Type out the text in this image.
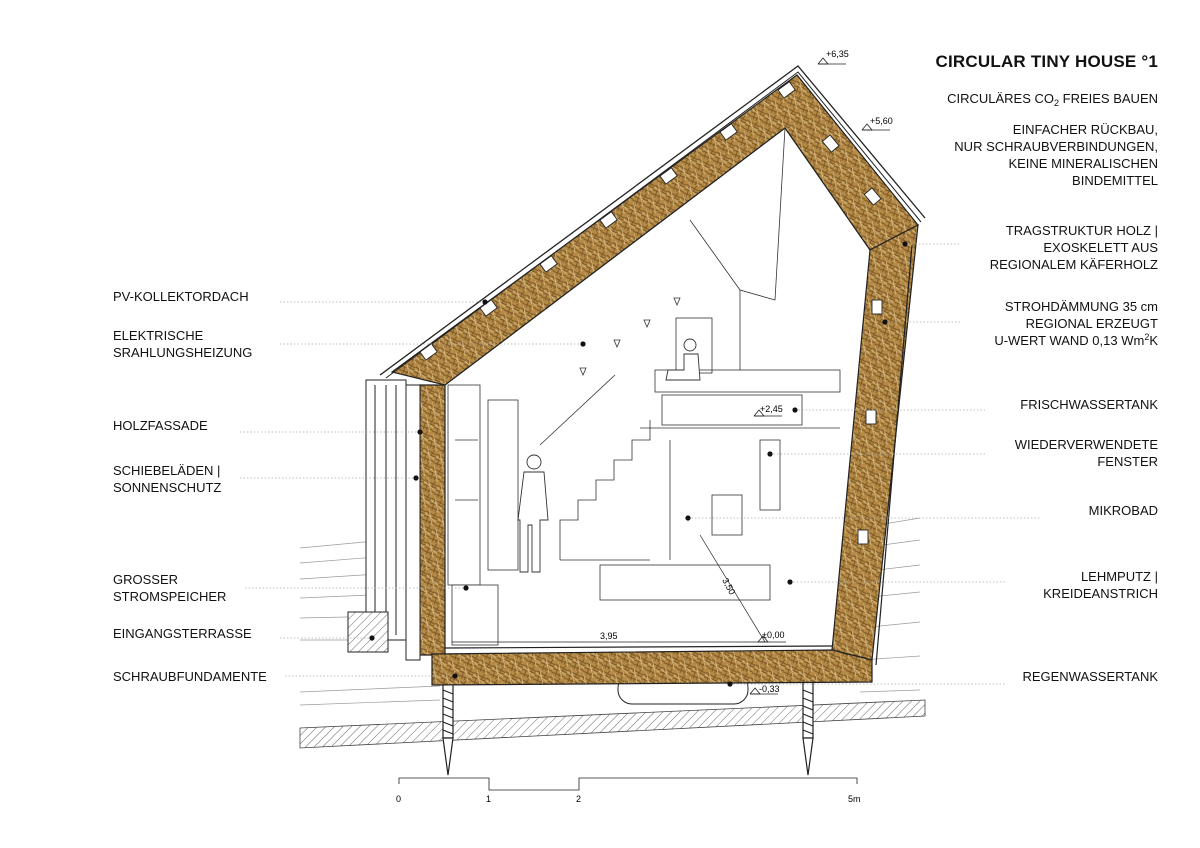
+6,35
+5,60
+2,45
±0,00
-0,33
3,95
3,50
0	1	2	5m
CIRCULAR TINY HOUSE °1
CIRCULÄRES $CO_2$ FREIES BAUEN
EINFACHER RÜCKBAU,
NUR SCHRAUBVERBINDUNGEN,
KEINE MINERALISCHEN
BINDEMITTEL
TRAGSTRUKTUR HOLZ |
EXOSKELETT AUS
REGIONALEM KÄFERHOLZ
STROHDÄMMUNG 35 cm
REGIONAL ERZEUGT
U-WERT WAND 0,13 Wm$^2$K
FRISCHWASSERTANK
WIEDERVERWENDETE
FENSTER
MIKROBAD
LEHMPUTZ |
KREIDEANSTRICH
REGENWASSERTANK
PV-KOLLEKTORDACH
ELEKTRISCHE
SRAHLUNGSHEIZUNG
HOLZFASSADE
SCHIEBELÄDEN |
SONNENSCHUTZ
GROSSER
STROMSPEICHER
EINGANGSTERRASSE
SCHRAUBFUNDAMENTE
